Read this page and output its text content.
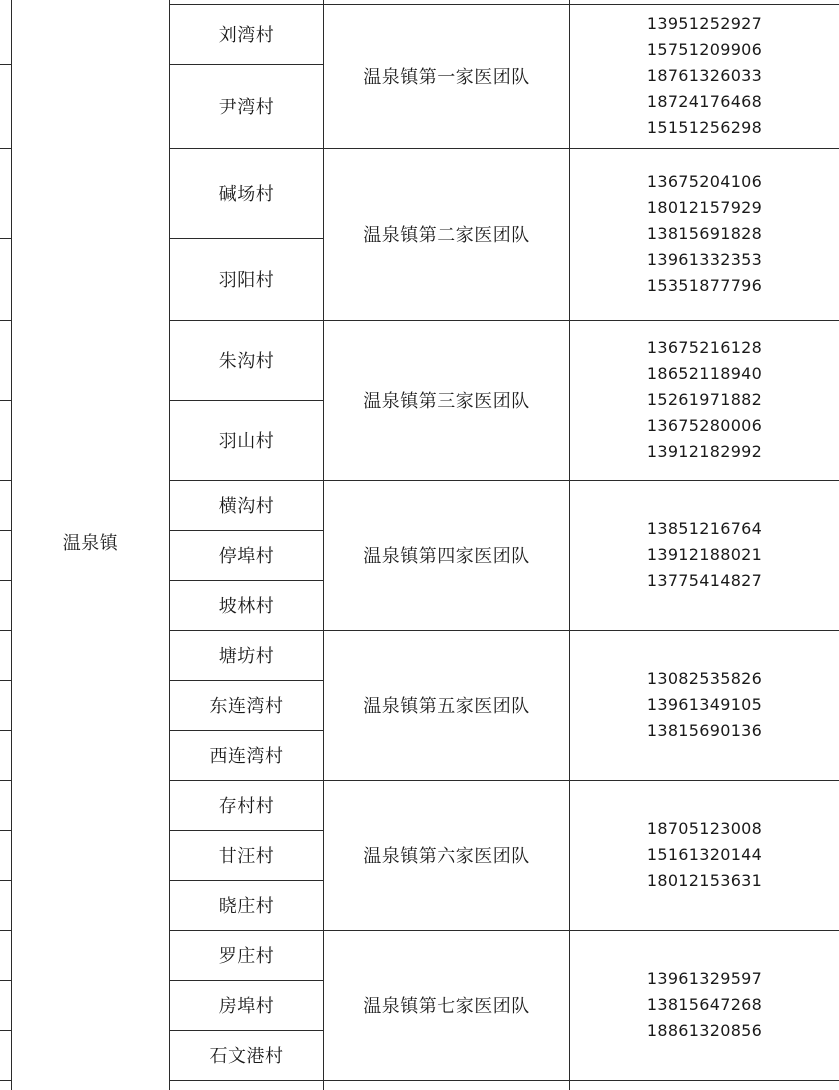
温泉镇
刘湾村
尹湾村
温泉镇第一家医团队
13951252927
15751209906
18761326033
18724176468
15151256298
碱场村
羽阳村
温泉镇第二家医团队
13675204106
18012157929
13815691828
13961332353
15351877796
朱沟村
羽山村
温泉镇第三家医团队
13675216128
18652118940
15261971882
13675280006
13912182992
横沟村
停埠村
坡林村
温泉镇第四家医团队
13851216764
13912188021
13775414827
塘坊村
东连湾村
西连湾村
温泉镇第五家医团队
13082535826
13961349105
13815690136
存村村
甘汪村
晓庄村
温泉镇第六家医团队
18705123008
15161320144
18012153631
罗庄村
房埠村
石文港村
温泉镇第七家医团队
13961329597
13815647268
18861320856
